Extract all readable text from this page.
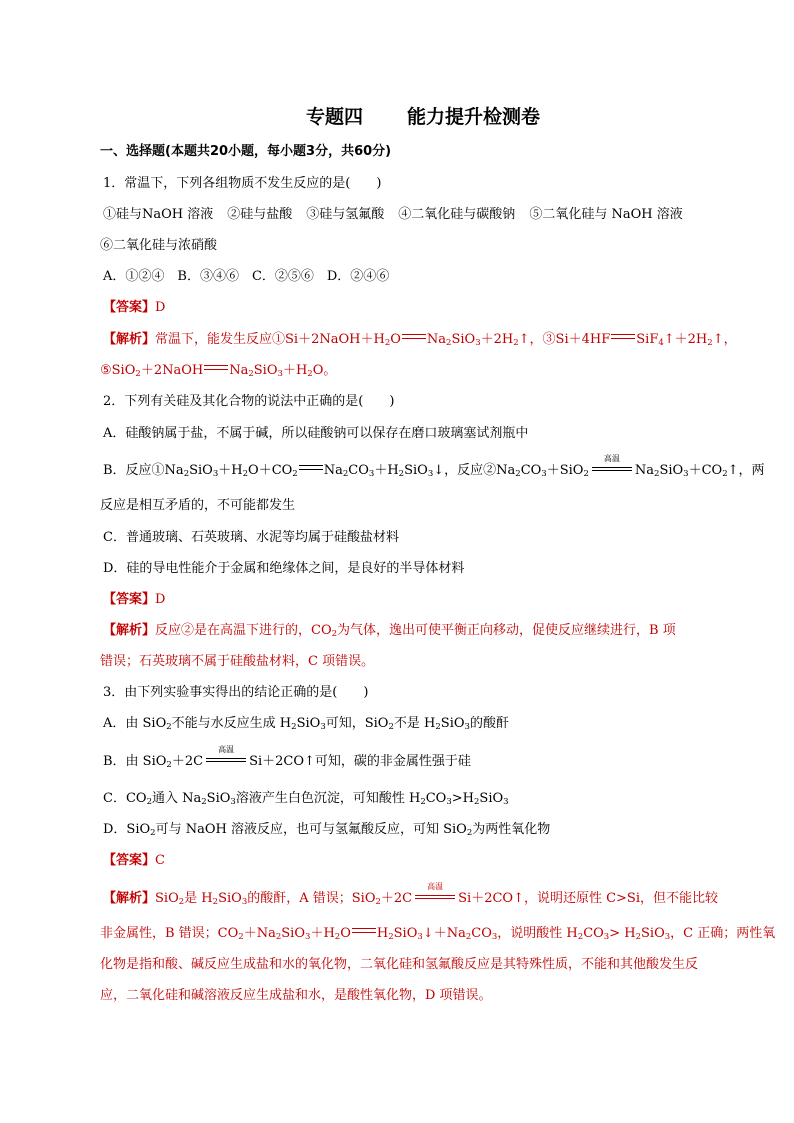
专题四 能力提升检测卷
一、选择题(本题共20小题，每小题3分，共60分)
1．常温下，下列各组物质不发生反应的是(　　)
①硅与NaOH 溶液 ②硅与盐酸 ③硅与氢氟酸 ④二氧化硅与碳酸钠 ⑤二氧化硅与 NaOH 溶液
⑥二氧化硅与浓硝酸
A．①②④　B．③④⑥　C．②⑤⑥　D．②④⑥
【答案】D
【解析】常温下，能发生反应$①Si+2NaOH+H_2O$ $Na_2SiO_3+2H_2↑$，③Si＋4HF $SiF_4↑+2H_2↑$，
⑤SiO$_2$＋2NaOH $Na_2SiO_3+H_2O$。
2．下列有关硅及其化合物的说法中正确的是(　　)
A．硅酸钠属于盐，不属于碱，所以硅酸钠可以保存在磨口玻璃塞试剂瓶中
B．反应$①Na_2SiO_3+H_2O+CO_2$ $Na_2CO_3+H_2SiO_3↓$，反应$②Na_2CO_3+SiO_2$
高温
$Na_2SiO_3+CO_2↑$，两
反应是相互矛盾的，不可能都发生
C．普通玻璃、石英玻璃、水泥等均属于硅酸盐材料
D．硅的导电性能介于金属和绝缘体之间，是良好的半导体材料
【答案】D
【解析】反应②是在高温下进行的，$CO_2$为气体，逸出可使平衡正向移动，促使反应继续进行，B 项
错误；石英玻璃不属于硅酸盐材料，C 项错误。
3．由下列实验事实得出的结论正确的是(　　)
A．由 SiO$_2$不能与水反应生成 $H_2SiO_3$可知，SiO$_2$不是 $H_2SiO_3$的酸酐
B．由 SiO$_2$＋2C
高温
Si＋2CO↑可知，碳的非金属性强于硅
C．$CO_2$通入 $Na_2SiO_3$溶液产生白色沉淀，可知酸性 $H_2CO_3>H_2SiO_3$
D．SiO$_2$可与 NaOH 溶液反应，也可与氢氟酸反应，可知 SiO$_2$为两性氧化物
【答案】C
【解析】SiO$_2$是 $H_2SiO_3$的酸酐，A 错误；SiO$_2$＋2C
高温
Si＋2CO↑，说明还原性 C>Si，但不能比较
非金属性，B 错误；$CO_2+Na_2SiO_3+H_2O$ $H_2SiO_3↓+Na_2CO_3$，说明酸性 $H_2CO_3> H_2SiO_3$，C 正确；两性氧
化物是指和酸、碱反应生成盐和水的氧化物，二氧化硅和氢氟酸反应是其特殊性质，不能和其他酸发生反
应，二氧化硅和碱溶液反应生成盐和水，是酸性氧化物，D 项错误。
